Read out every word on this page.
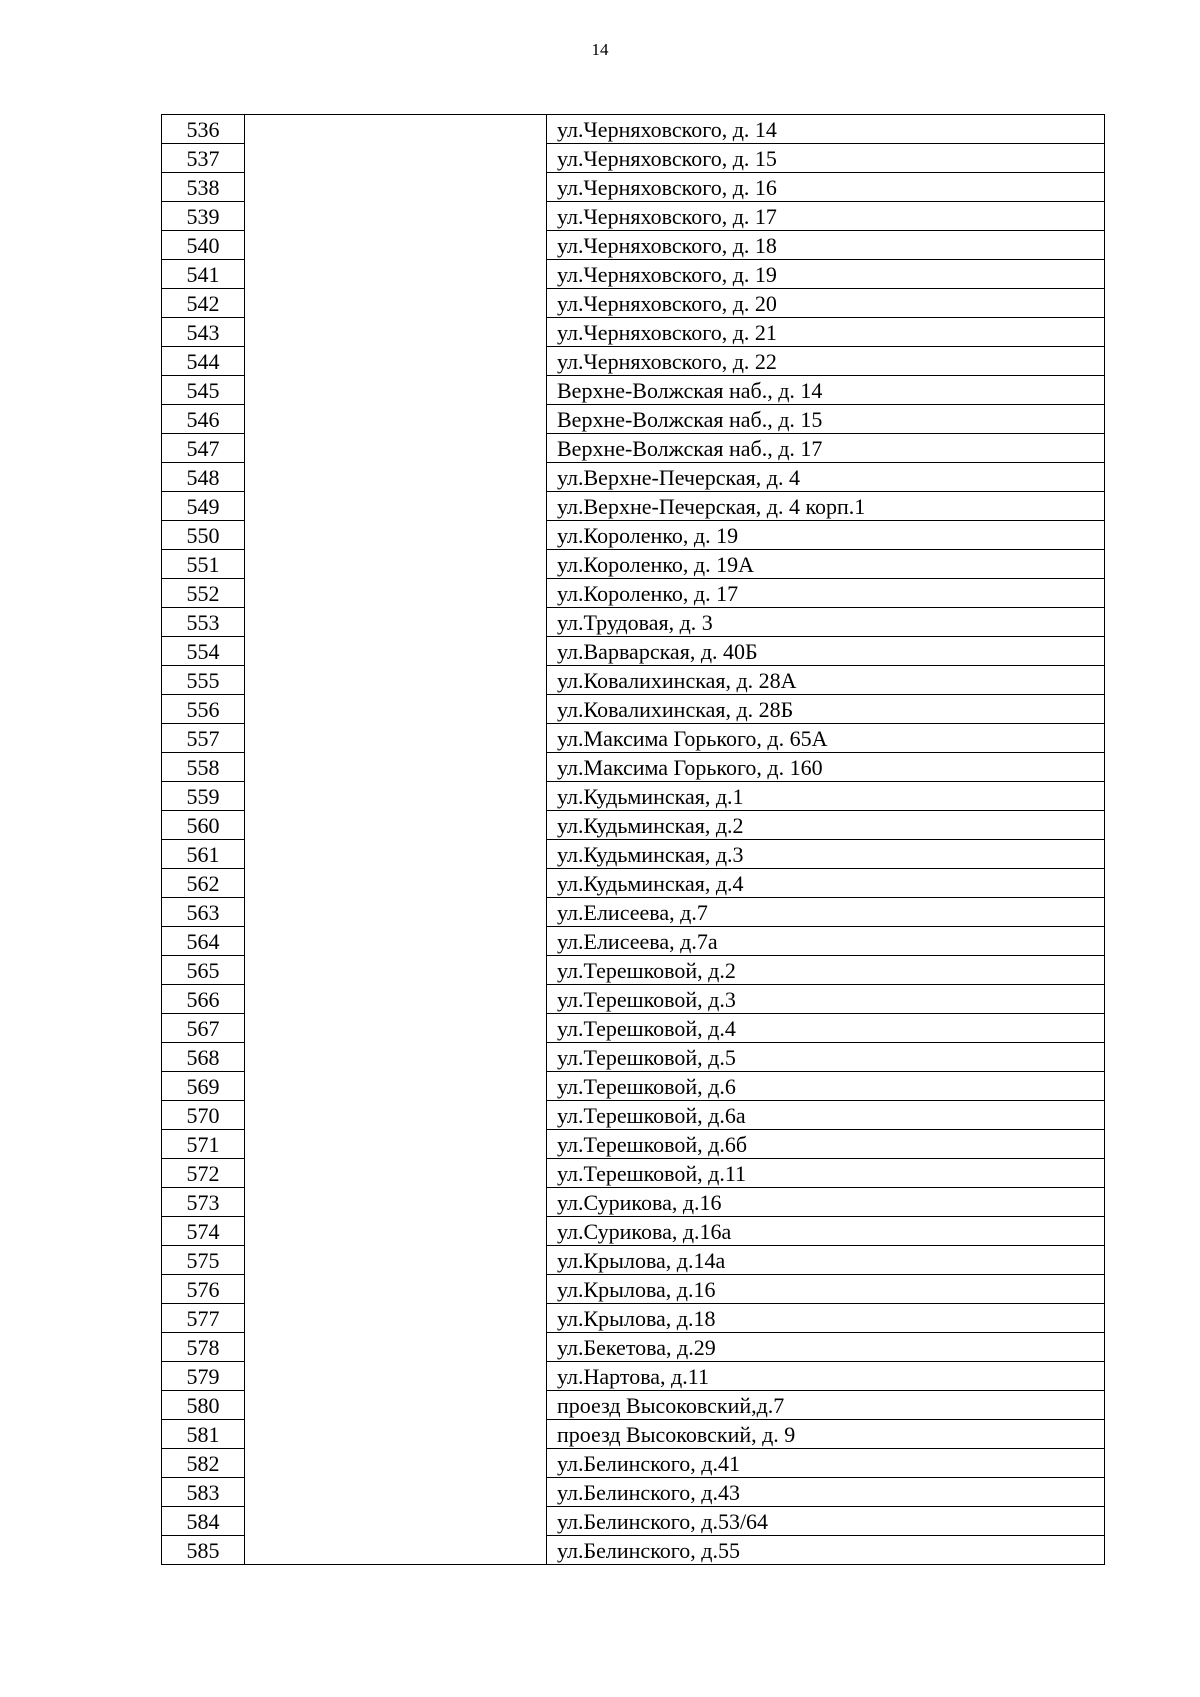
14
536		ул.Черняховского, д. 14
537		ул.Черняховского, д. 15
538		ул.Черняховского, д. 16
539		ул.Черняховского, д. 17
540		ул.Черняховского, д. 18
541		ул.Черняховского, д. 19
542		ул.Черняховского, д. 20
543		ул.Черняховского, д. 21
544		ул.Черняховского, д. 22
545		Верхне-Волжская наб., д. 14
546		Верхне-Волжская наб., д. 15
547		Верхне-Волжская наб., д. 17
548		ул.Верхне-Печерская, д. 4
549		ул.Верхне-Печерская, д. 4 корп.1
550		ул.Короленко, д. 19
551		ул.Короленко, д. 19А
552		ул.Короленко, д. 17
553		ул.Трудовая, д. 3
554		ул.Варварская, д. 40Б
555		ул.Ковалихинская, д. 28А
556		ул.Ковалихинская, д. 28Б
557		ул.Максима Горького, д. 65А
558		ул.Максима Горького, д. 160
559		ул.Кудьминская, д.1
560		ул.Кудьминская, д.2
561		ул.Кудьминская, д.3
562		ул.Кудьминская, д.4
563		ул.Елисеева, д.7
564		ул.Елисеева, д.7а
565		ул.Терешковой, д.2
566		ул.Терешковой, д.3
567		ул.Терешковой, д.4
568		ул.Терешковой, д.5
569		ул.Терешковой, д.6
570		ул.Терешковой, д.6а
571		ул.Терешковой, д.6б
572		ул.Терешковой, д.11
573		ул.Сурикова, д.16
574		ул.Сурикова, д.16а
575		ул.Крылова, д.14а
576		ул.Крылова, д.16
577		ул.Крылова, д.18
578		ул.Бекетова, д.29
579		ул.Нартова, д.11
580		проезд Высоковский,д.7
581		проезд Высоковский, д. 9
582		ул.Белинского, д.41
583		ул.Белинского, д.43
584		ул.Белинского, д.53/64
585		ул.Белинского, д.55
